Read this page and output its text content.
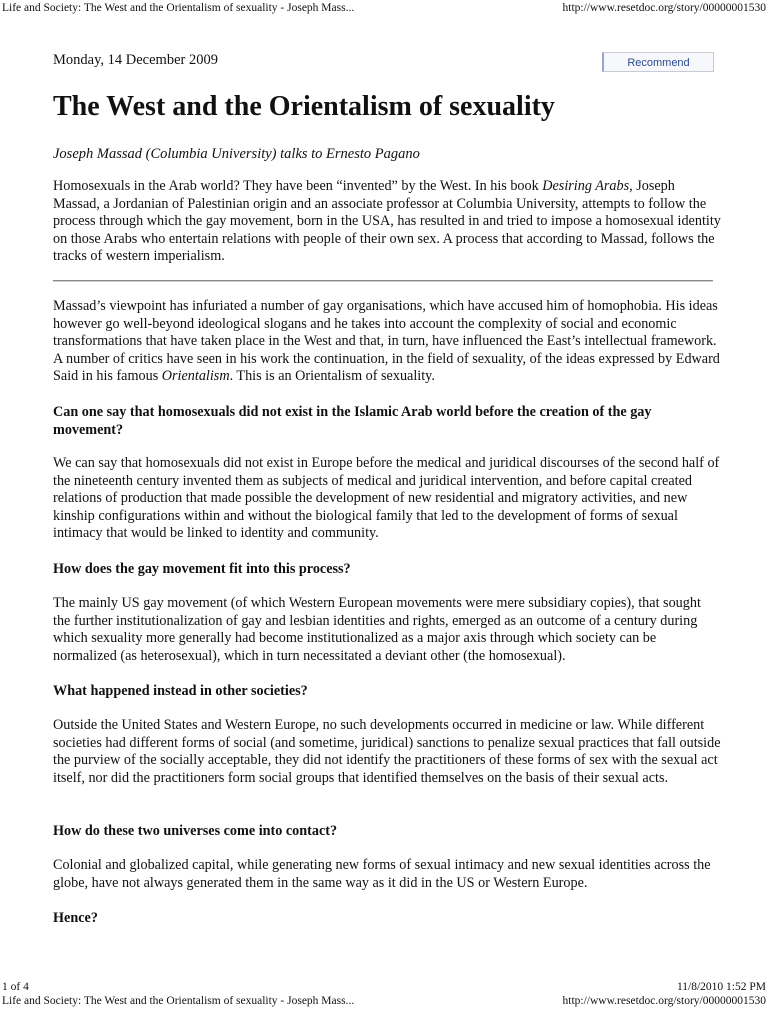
Life and Society: The West and the Orientalism of sexuality - Joseph Mass...	http://www.resetdoc.org/story/00000001530
Monday, 14 December 2009	Recommend
The West and the Orientalism of sexuality
Joseph Massad (Columbia University) talks to Ernesto Pagano

Homosexuals in the Arab world? They have been “invented” by the West. In his book Desiring Arabs, Joseph Massad, a Jordanian of Palestinian origin and an associate professor at Columbia University, attempts to follow the process through which the gay movement, born in the USA, has resulted in and tried to impose a homosexual identity on those Arabs who entertain relations with people of their own sex. A process that according to Massad, follows the tracks of western imperialism.

Massad’s viewpoint has infuriated a number of gay organisations, which have accused him of homophobia. His ideas however go well-beyond ideological slogans and he takes into account the complexity of social and economic transformations that have taken place in the West and that, in turn, have influenced the East’s intellectual framework. A number of critics have seen in his work the continuation, in the field of sexuality, of the ideas expressed by Edward Said in his famous Orientalism. This is an Orientalism of sexuality.

Can one say that homosexuals did not exist in the Islamic Arab world before the creation of the gay movement?

We can say that homosexuals did not exist in Europe before the medical and juridical discourses of the second half of the nineteenth century invented them as subjects of medical and juridical intervention, and before capital created relations of production that made possible the development of new residential and migratory activities, and new kinship configurations within and without the biological family that led to the development of forms of sexual intimacy that would be linked to identity and community.

How does the gay movement fit into this process?

The mainly US gay movement (of which Western European movements were mere subsidiary copies), that sought the further institutionalization of gay and lesbian identities and rights, emerged as an outcome of a century during which sexuality more generally had become institutionalized as a major axis through which society can be normalized (as heterosexual), which in turn necessitated a deviant other (the homosexual).

What happened instead in other societies?

Outside the United States and Western Europe, no such developments occurred in medicine or law. While different societies had different forms of social (and sometime, juridical) sanctions to penalize sexual practices that fall outside the purview of the socially acceptable, they did not identify the practitioners of these forms of sex with the sexual act itself, nor did the practitioners form social groups that identified themselves on the basis of their sexual acts.

How do these two universes come into contact?

Colonial and globalized capital, while generating new forms of sexual intimacy and new sexual identities across the globe, have not always generated them in the same way as it did in the US or Western Europe.

Hence?

1 of 4	11/8/2010 1:52 PM
Life and Society: The West and the Orientalism of sexuality - Joseph Mass...	http://www.resetdoc.org/story/00000001530
